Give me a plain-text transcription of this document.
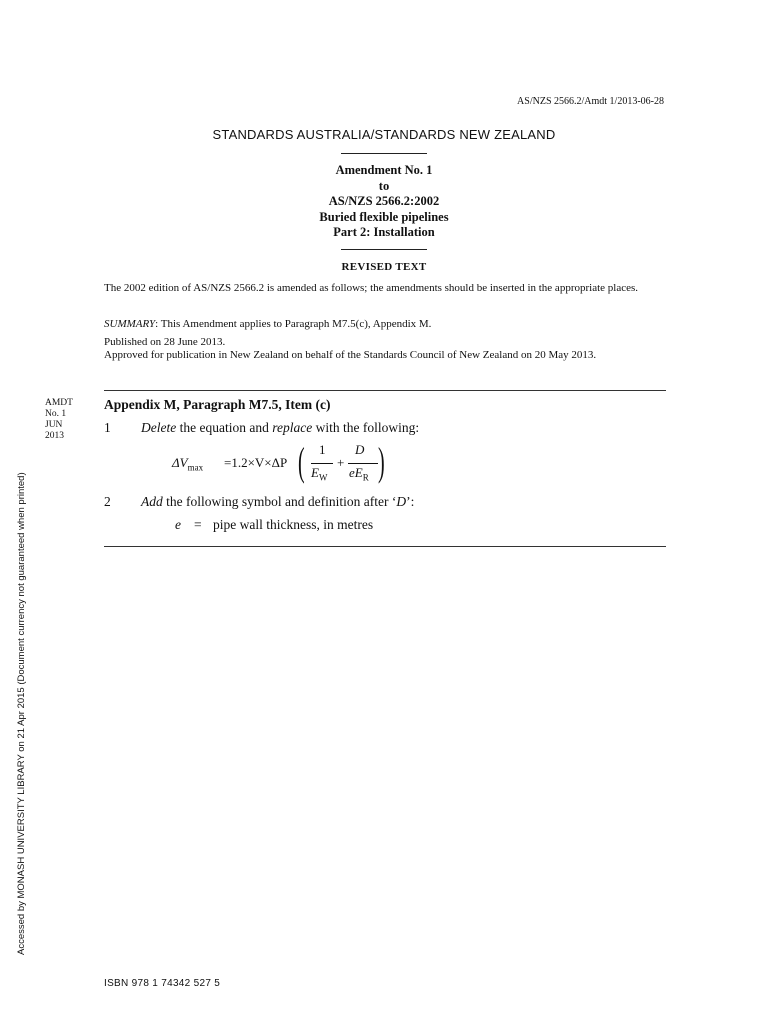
AS/NZS 2566.2/Amdt 1/2013-06-28
STANDARDS AUSTRALIA/STANDARDS NEW ZEALAND
Amendment No. 1
to
AS/NZS 2566.2:2002
Buried flexible pipelines
Part 2: Installation
REVISED TEXT
The 2002 edition of AS/NZS 2566.2 is amended as follows; the amendments should be inserted in the appropriate places.
SUMMARY: This Amendment applies to Paragraph M7.5(c), Appendix M.
Published on 28 June 2013.
Approved for publication in New Zealand on behalf of the Standards Council of New Zealand on 20 May 2013.
AMDT
No. 1
JUN
2013
Appendix M, Paragraph M7.5, Item (c)
1 Delete the equation and replace with the following:
$\Delta V_{max} =1.2\times V\times\Delta P$ ( 1
$E_W$
+
D
$eE_R$ )
2 Add the following symbol and definition after ‘D’:
e = pipe wall thickness, in metres
Accessed by MONASH UNIVERSITY LIBRARY on 21 Apr 2015 (Document currency not guaranteed when printed)
ISBN 978 1 74342 527 5
